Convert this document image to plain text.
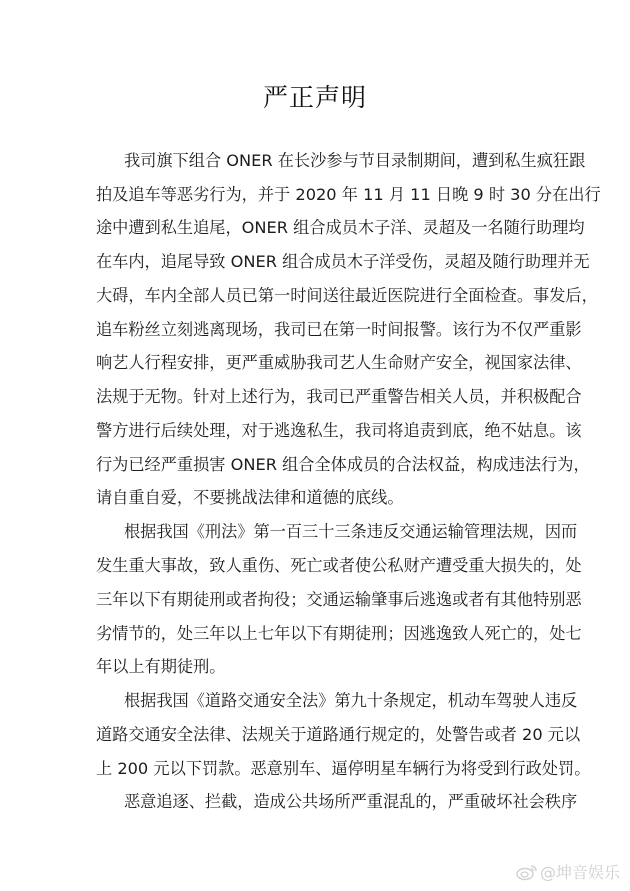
严正声明
我司旗下组合 ONER 在长沙参与节目录制期间，遭到私生疯狂跟
拍及追车等恶劣行为，并于 2020 年 11 月 11 日晚 9 时 30 分在出行
途中遭到私生追尾，ONER 组合成员木子洋、灵超及一名随行助理均
在车内，追尾导致 ONER 组合成员木子洋受伤，灵超及随行助理并无
大碍，车内全部人员已第一时间送往最近医院进行全面检查。事发后，
追车粉丝立刻逃离现场，我司已在第一时间报警。该行为不仅严重影
响艺人行程安排，更严重威胁我司艺人生命财产安全，视国家法律、
法规于无物。针对上述行为，我司已严重警告相关人员，并积极配合
警方进行后续处理，对于逃逸私生，我司将追责到底，绝不姑息。该
行为已经严重损害 ONER 组合全体成员的合法权益，构成违法行为，
请自重自爱，不要挑战法律和道德的底线。
根据我国《刑法》第一百三十三条违反交通运输管理法规，因而
发生重大事故，致人重伤、死亡或者使公私财产遭受重大损失的，处
三年以下有期徒刑或者拘役；交通运输肇事后逃逸或者有其他特别恶
劣情节的，处三年以上七年以下有期徒刑；因逃逸致人死亡的，处七
年以上有期徒刑。
根据我国《道路交通安全法》第九十条规定，机动车驾驶人违反
道路交通安全法律、法规关于道路通行规定的，处警告或者 20 元以
上 200 元以下罚款。恶意别车、逼停明星车辆行为将受到行政处罚。
恶意追逐、拦截，造成公共场所严重混乱的，严重破坏社会秩序
@坤音娱乐
